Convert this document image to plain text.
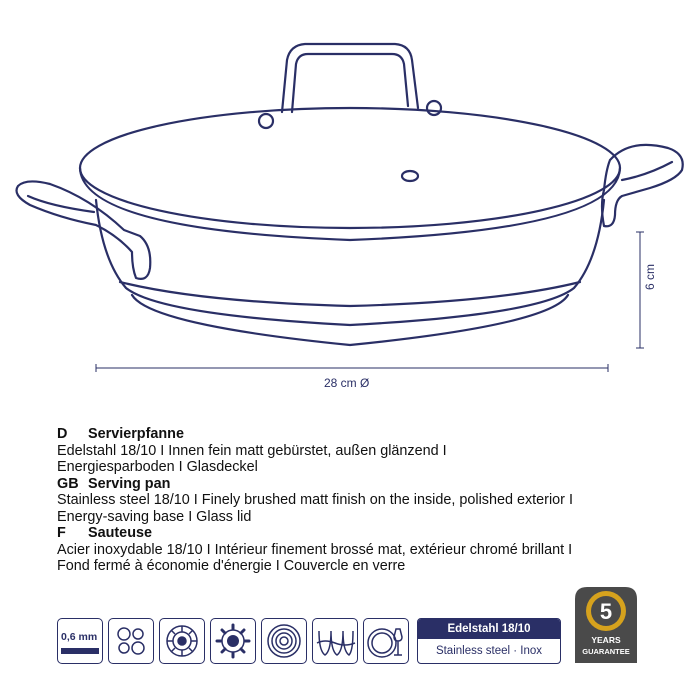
28 cm Ø
6 cm
D Servierpfanne
Edelstahl 18/10 I Innen fein matt gebürstet, außen glänzend I
Energiesparboden I Glasdeckel
GB Serving pan
Stainless steel 18/10 I Finely brushed matt finish on the inside, polished exterior I
Energy-saving base I Glass lid
F Sauteuse
Acier inoxydable 18/10 I Intérieur finement brossé mat, extérieur chromé brillant I
Fond fermé à économie d'énergie I Couvercle en verre
0,6 mm
Edelstahl 18/10
Stainless steel · Inox
5
YEARS
GUARANTEE
